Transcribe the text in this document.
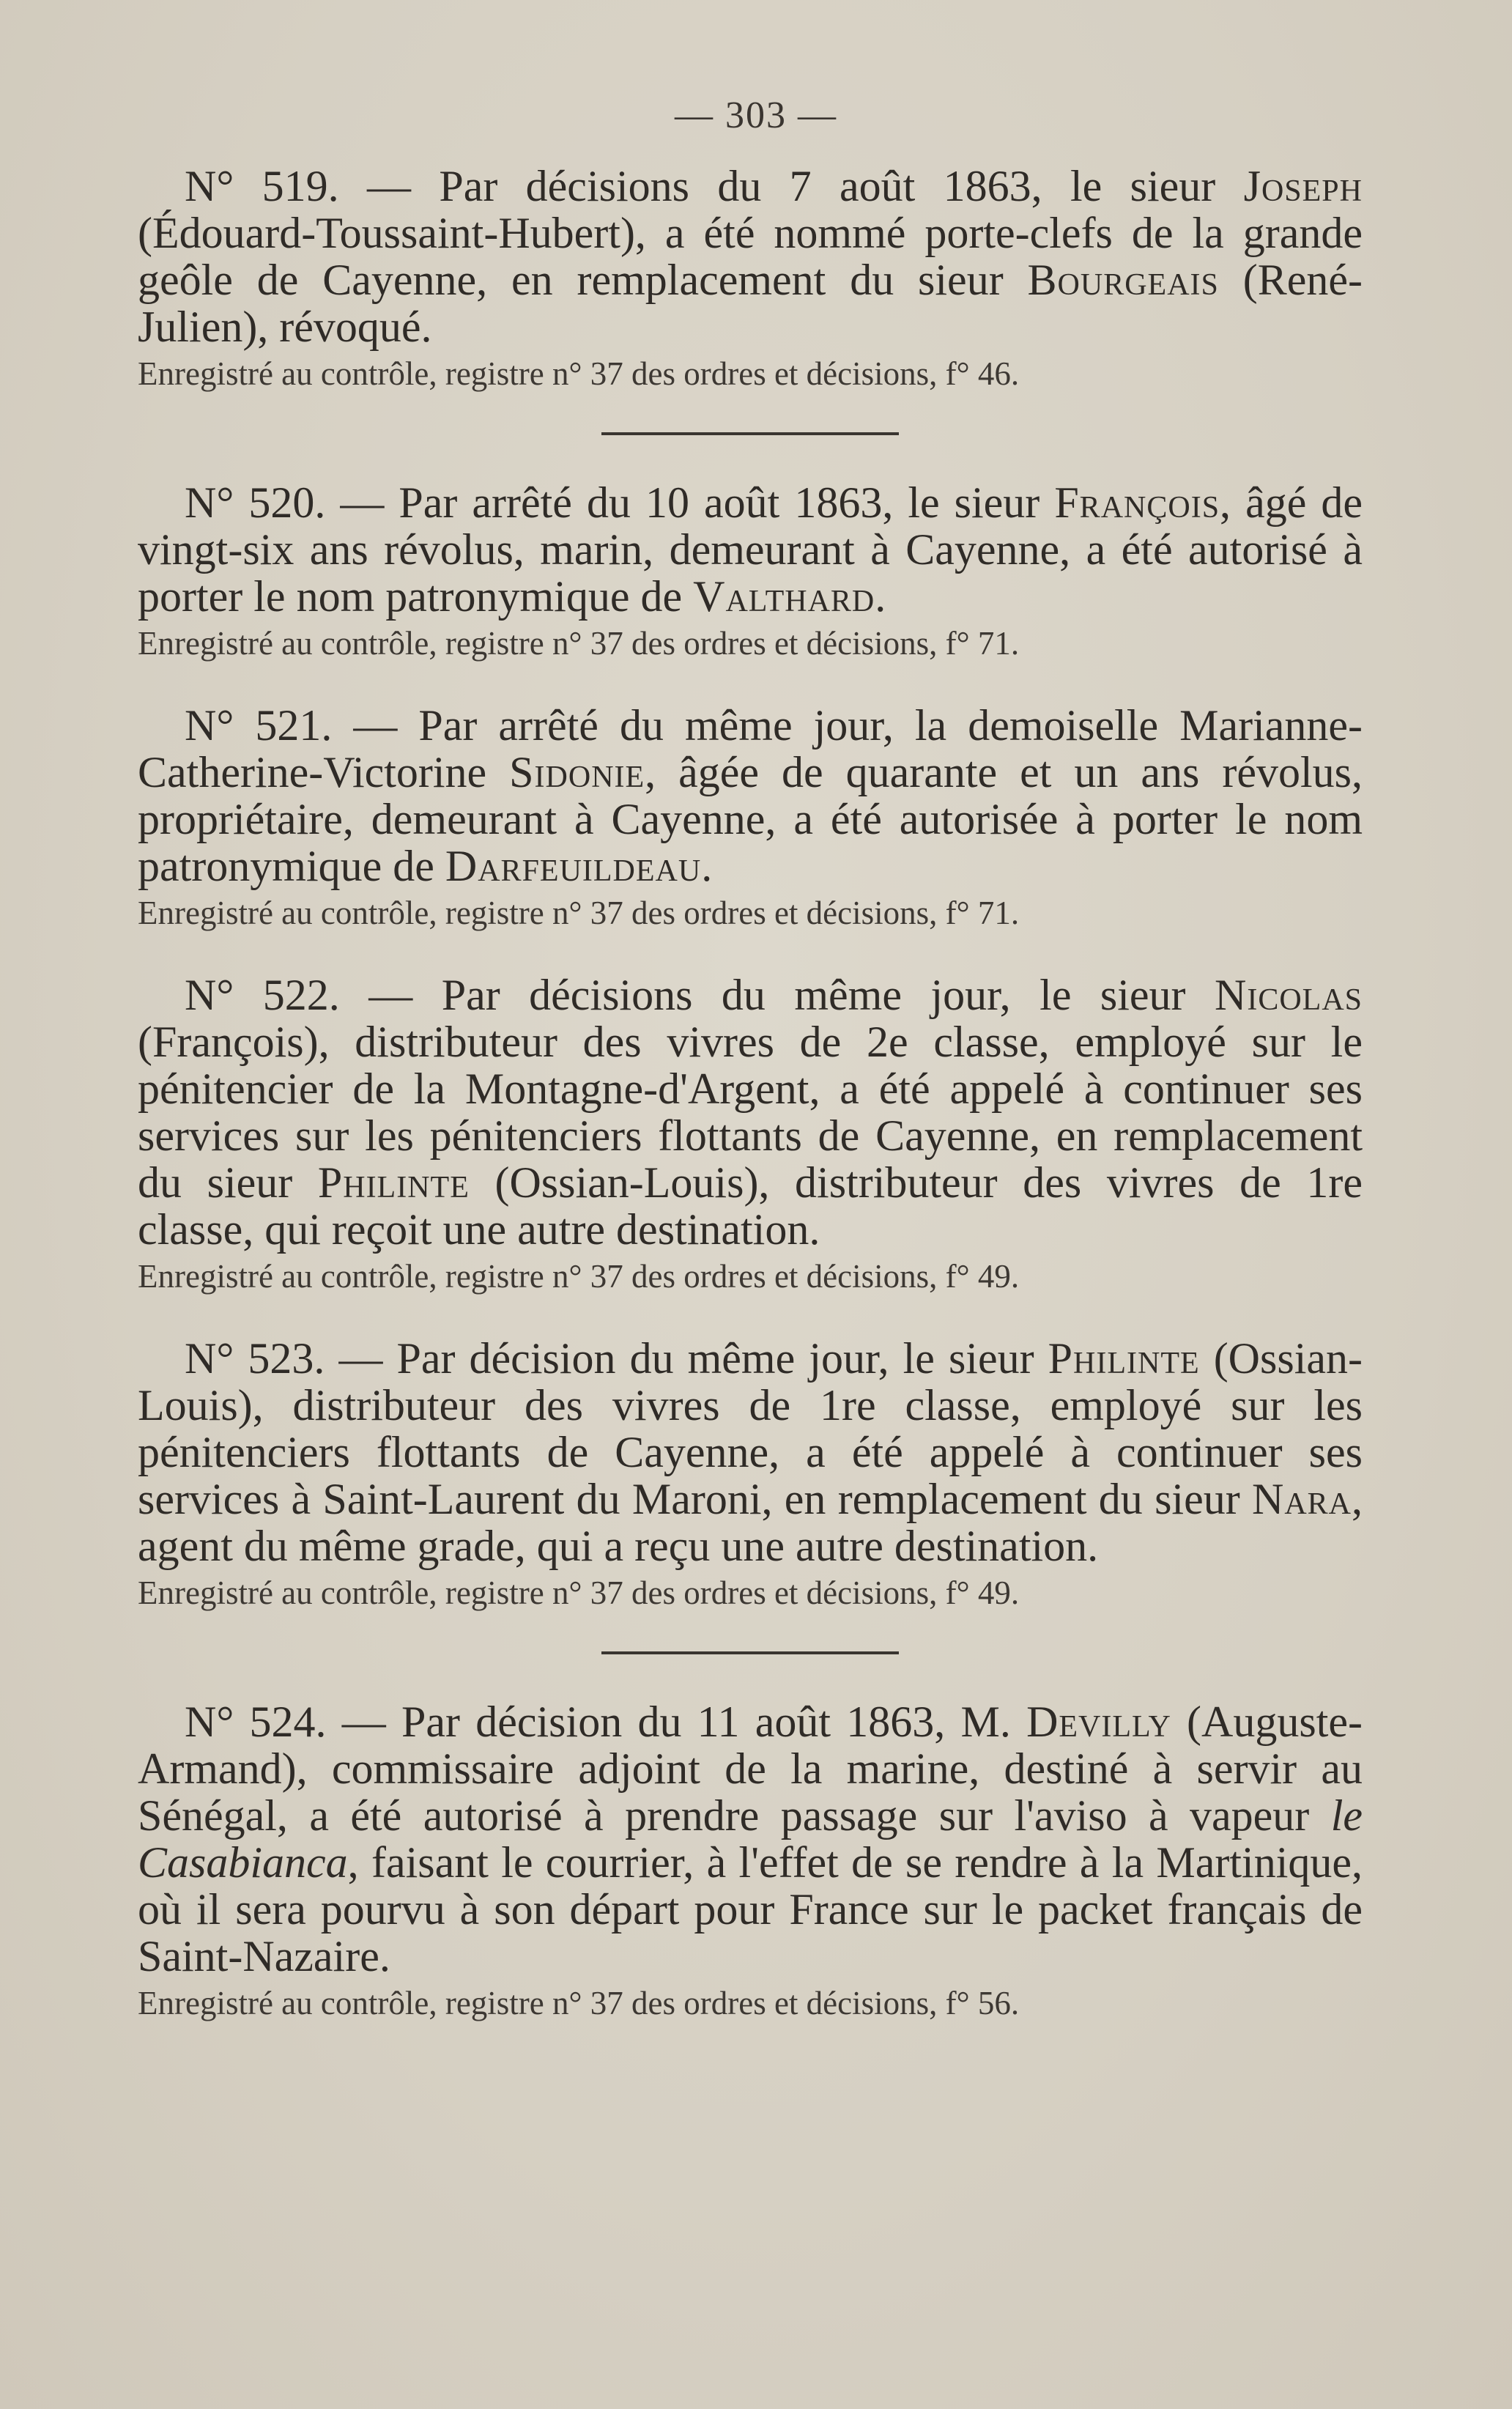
— 303 —

N° 519. — Par décisions du 7 août 1863, le sieur Joseph (Édouard-Toussaint-Hubert), a été nommé porte-clefs de la grande geôle de Cayenne, en remplacement du sieur Bourgeais (René-Julien), révoqué.

Enregistré au contrôle, registre n° 37 des ordres et décisions, f° 46.

N° 520. — Par arrêté du 10 août 1863, le sieur François, âgé de vingt-six ans révolus, marin, demeurant à Cayenne, a été autorisé à porter le nom patronymique de Valthard.

Enregistré au contrôle, registre n° 37 des ordres et décisions, f° 71.

N° 521. — Par arrêté du même jour, la demoiselle Marianne-Catherine-Victorine Sidonie, âgée de quarante et un ans révolus, propriétaire, demeurant à Cayenne, a été autorisée à porter le nom patronymique de Darfeuildeau.

Enregistré au contrôle, registre n° 37 des ordres et décisions, f° 71.

N° 522. — Par décisions du même jour, le sieur Nicolas (François), distributeur des vivres de 2e classe, employé sur le pénitencier de la Montagne-d'Argent, a été appelé à continuer ses services sur les pénitenciers flottants de Cayenne, en remplacement du sieur Philinte (Ossian-Louis), distributeur des vivres de 1re classe, qui reçoit une autre destination.

Enregistré au contrôle, registre n° 37 des ordres et décisions, f° 49.

N° 523. — Par décision du même jour, le sieur Philinte (Ossian-Louis), distributeur des vivres de 1re classe, employé sur les pénitenciers flottants de Cayenne, a été appelé à continuer ses services à Saint-Laurent du Maroni, en remplacement du sieur Nara, agent du même grade, qui a reçu une autre destination.

Enregistré au contrôle, registre n° 37 des ordres et décisions, f° 49.

N° 524. — Par décision du 11 août 1863, M. Devilly (Auguste-Armand), commissaire adjoint de la marine, destiné à servir au Sénégal, a été autorisé à prendre passage sur l'aviso à vapeur le Casabianca, faisant le courrier, à l'effet de se rendre à la Martinique, où il sera pourvu à son départ pour France sur le packet français de Saint-Nazaire.

Enregistré au contrôle, registre n° 37 des ordres et décisions, f° 56.
